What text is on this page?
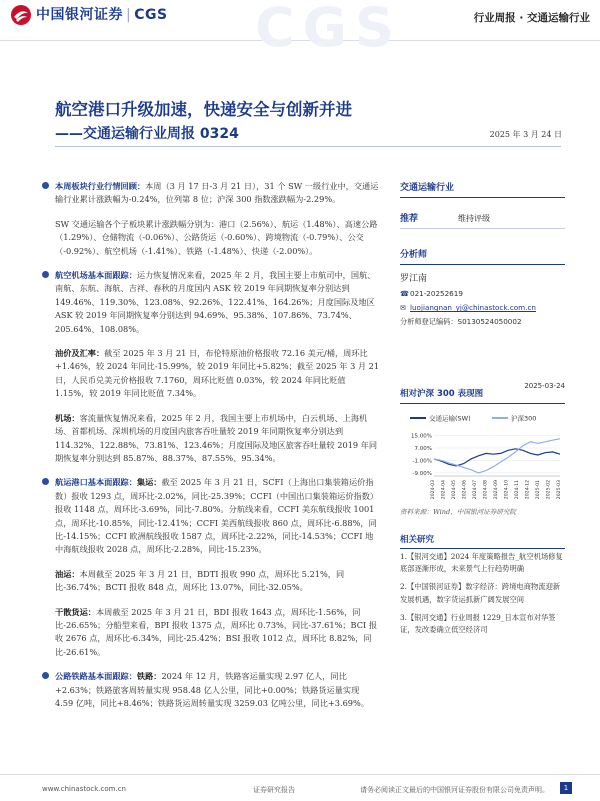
中国银河证券 | CGS CGS	行业周报 · 交通运输行业
航空港口升级加速，快递安全与创新并进
——交通运输行业周报 0324	2025 年 3 月 24 日
本周板块行业行情回顾：本周（3 月 17 日-3 月 21 日），31 个 SW 一级行业中，交通运输行业累计涨跌幅为-0.24%，位列第 8 位；沪深 300 指数涨跌幅为-2.29%。
SW 交通运输各个子板块累计涨跌幅分别为：港口（2.56%）、航运（1.48%）、高速公路（1.29%）、仓储物流（-0.06%）、公路货运（-0.60%）、跨境物流（-0.79%）、公交（-0.92%）、航空机场（-1.41%）、铁路（-1.48%）、快递（-2.00%）。
航空机场基本面跟踪：运力恢复情况来看，2025 年 2 月，我国主要上市航司中，国航、南航、东航、海航、吉祥、春秋的月度国内 ASK 较 2019 年同期恢复率分别达到 149.46%、119.30%、123.08%、92.26%、122.41%、164.26%；月度国际及地区 ASK 较 2019 年同期恢复率分别达到 94.69%、95.38%、107.86%、73.74%、205.64%、108.08%。
油价及汇率：截至 2025 年 3 月 21 日，布伦特原油价格报收 72.16 美元/桶，周环比+1.46%，较 2024 年同比-15.99%，较 2019 年同比+5.82%；截至 2025 年 3 月 21 日，人民币兑美元价格报收 7.1760，周环比贬值 0.03%，较 2024 年同比贬值 1.15%，较 2019 年同比贬值 7.34%。
机场：客流量恢复情况来看，2025 年 2 月，我国主要上市机场中，白云机场、上海机场、首都机场、深圳机场的月度国内旅客吞吐量较 2019 年同期恢复率分别达到 114.32%、122.88%、73.81%、123.46%；月度国际及地区旅客吞吐量较 2019 年同期恢复率分别达到 85.87%、88.37%、87.55%、95.34%。
航运港口基本面跟踪：集运：截至 2025 年 3 月 21 日，SCFI（上海出口集装箱运价指数）报收 1293 点，周环比-2.02%，同比-25.39%；CCFI（中国出口集装箱运价指数）报收 1148 点，周环比-3.69%，同比-7.80%。分航线来看，CCFI 美东航线报收 1001 点，周环比-10.85%，同比-12.41%；CCFI 美西航线报收 860 点，周环比-6.88%，同比-14.15%；CCFI 欧洲航线报收 1587 点，周环比-2.22%，同比-14.53%；CCFI 地中海航线报收 2028 点，周环比-2.28%，同比-15.23%。
油运：本周截至 2025 年 3 月 21 日，BDTI 报收 990 点，周环比 5.21%，同比-36.74%；BCTI 报收 848 点，周环比 13.07%，同比-32.05%。
干散货运：本周截至 2025 年 3 月 21 日，BDI 报收 1643 点，周环比-1.56%，同比-26.65%；分船型来看，BPI 报收 1375 点，周环比 0.73%，同比-37.61%；BCI 报收 2676 点，周环比-6.34%，同比-25.42%；BSI 报收 1012 点，周环比 8.82%，同比-26.61%。
公路铁路基本面跟踪：铁路：2024 年 12 月，铁路客运量实现 2.97 亿人，同比+2.63%；铁路旅客周转量实现 958.48 亿人公里，同比+0.00%；铁路货运量实现 4.59 亿吨，同比+8.46%；铁路货运周转量实现 3259.03 亿吨公里，同比+3.69%。
交通运输行业
推荐	维持评级
分析师
罗江南
☎021-20252619
✉ luojiangnan_yj@chinastock.com.cn
分析师登记编码：S0130524050002
相对沪深 300 表现图
2025-03-24
交通运输(SW)	沪深300
15.00%
7.00%
-1.00%
-9.00%
2024-03 2024-04 2024-05 2024-06 2024-07 2024-08 2024-09 2024-10 2024-11 2024-12 2025-01 2025-02 2025-03
资料来源：Wind，中国银河证券研究院
相关研究
1.【银河交通】2024 年度策略报告_航空机场修复底部逐渐形成，未来景气上行趋势明确
2.【中国银河证券】数字经济：跨境电商物流迎新发展机遇，数字货运抓新广阔发展空间
3.【银河交通】行业周报 1229_日本宣布对华签证，发改委确立低空经济司
www.chinastock.com.cn	证券研究报告	请务必阅读正文最后的中国银河证券股份有限公司免责声明。	1
